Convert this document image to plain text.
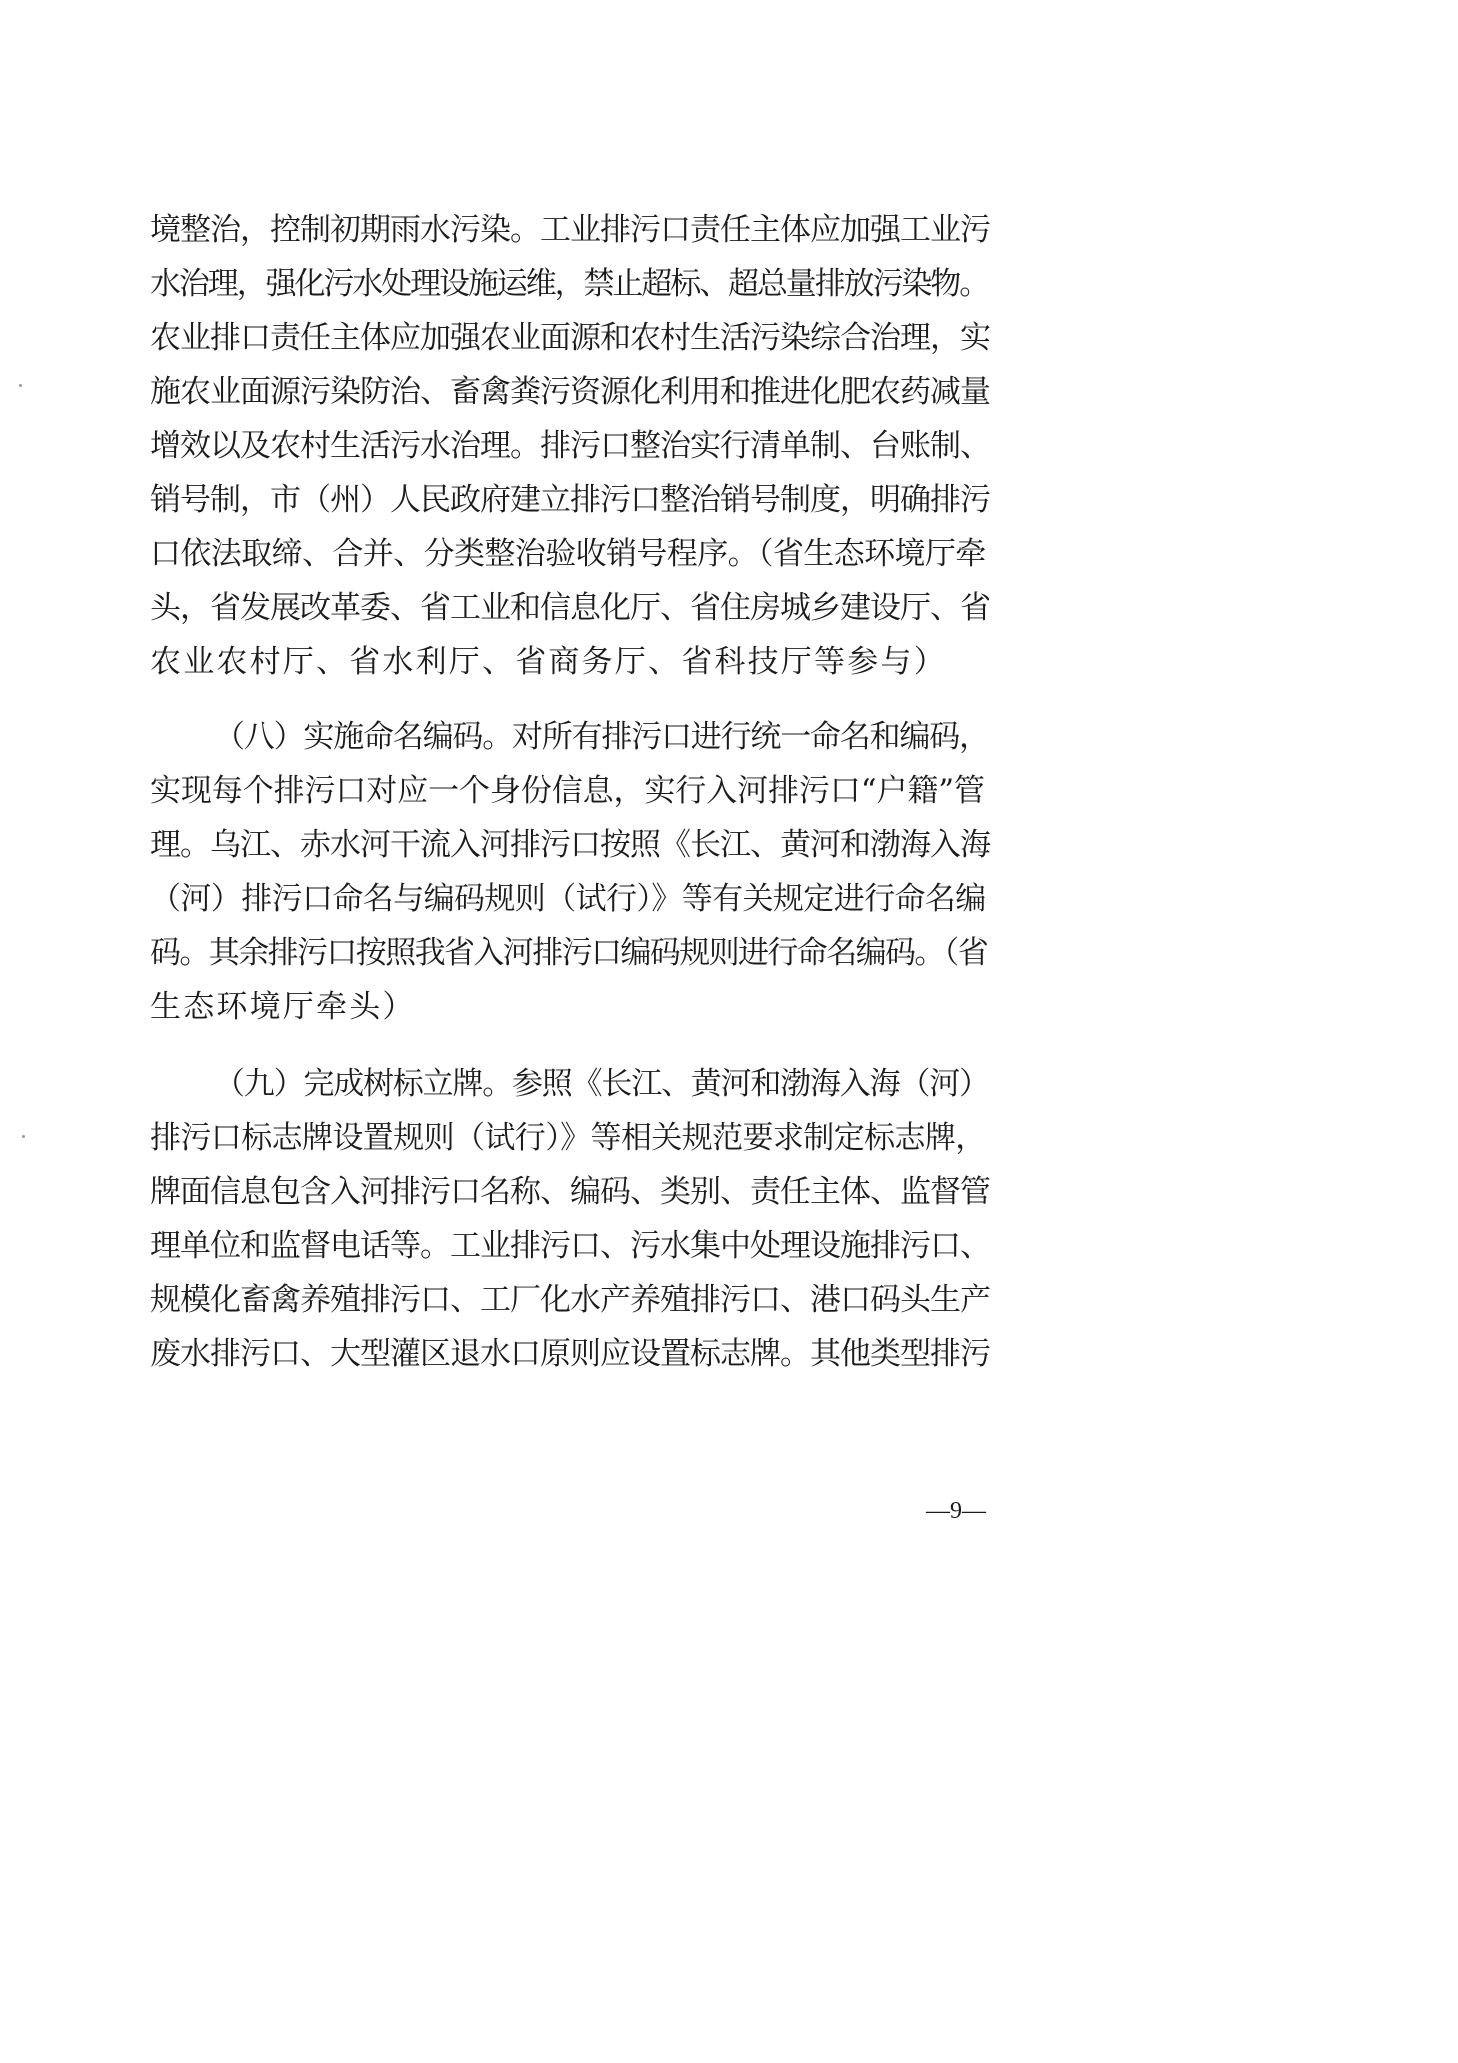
境整治，控制初期雨水污染。工业排污口责任主体应加强工业污
水治理，强化污水处理设施运维，禁止超标、超总量排放污染物。
农业排口责任主体应加强农业面源和农村生活污染综合治理，实
施农业面源污染防治、畜禽粪污资源化利用和推进化肥农药减量
增效以及农村生活污水治理。排污口整治实行清单制、台账制、
销号制，市（州）人民政府建立排污口整治销号制度，明确排污
口依法取缔、合并、分类整治验收销号程序。（省生态环境厅牵
头，省发展改革委、省工业和信息化厅、省住房城乡建设厅、省
农业农村厅、省水利厅、省商务厅、省科技厅等参与）
（八）实施命名编码。对所有排污口进行统一命名和编码，
实现每个排污口对应一个身份信息，实行入河排污口“户籍”管
理。乌江、赤水河干流入河排污口按照《长江、黄河和渤海入海
（河）排污口命名与编码规则（试行）》等有关规定进行命名编
码。其余排污口按照我省入河排污口编码规则进行命名编码。（省
生态环境厅牵头）
（九）完成树标立牌。参照《长江、黄河和渤海入海（河）
排污口标志牌设置规则（试行）》等相关规范要求制定标志牌，
牌面信息包含入河排污口名称、编码、类别、责任主体、监督管
理单位和监督电话等。工业排污口、污水集中处理设施排污口、
规模化畜禽养殖排污口、工厂化水产养殖排污口、港口码头生产
废水排污口、大型灌区退水口原则应设置标志牌。其他类型排污
—9—
